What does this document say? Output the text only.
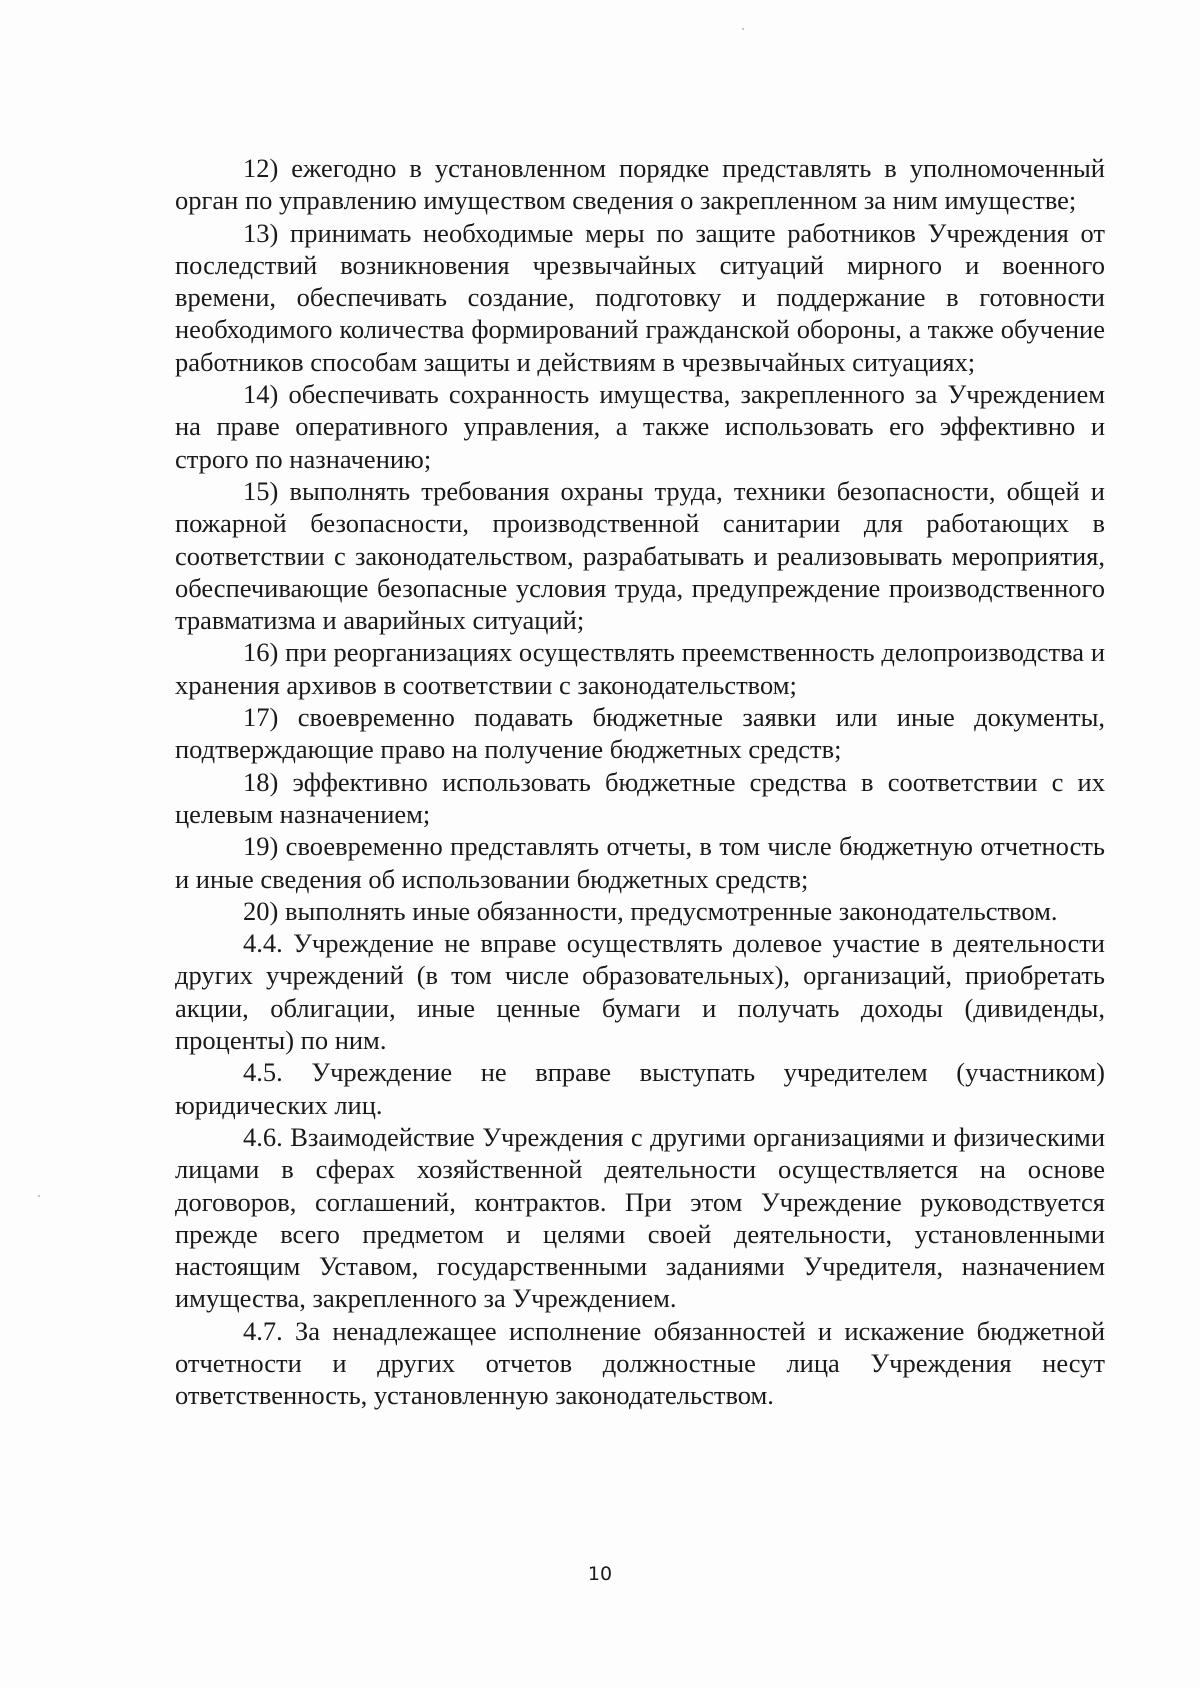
12) ежегодно в установленном порядке представлять в уполномоченный орган по управлению имуществом сведения о закрепленном за ним имуществе;

13) принимать необходимые меры по защите работников Учреждения от последствий возникновения чрезвычайных ситуаций мирного и военного времени, обеспечивать создание, подготовку и поддержание в готовности необходимого количества формирований гражданской обороны, а также обучение работников способам защиты и действиям в чрезвычайных ситуациях;

14) обеспечивать сохранность имущества, закрепленного за Учреждением на праве оперативного управления, а также использовать его эффективно и строго по назначению;

15) выполнять требования охраны труда, техники безопасности, общей и пожарной безопасности, производственной санитарии для работающих в соответствии с законодательством, разрабатывать и реализовывать мероприятия, обеспечивающие безопасные условия труда, предупреждение производственного травматизма и аварийных ситуаций;

16) при реорганизациях осуществлять преемственность делопроизводства и хранения архивов в соответствии с законодательством;

17) своевременно подавать бюджетные заявки или иные документы, подтверждающие право на получение бюджетных средств;

18) эффективно использовать бюджетные средства в соответствии с их целевым назначением;

19) своевременно представлять отчеты, в том числе бюджетную отчетность и иные сведения об использовании бюджетных средств;

20) выполнять иные обязанности, предусмотренные законодательством.

4.4. Учреждение не вправе осуществлять долевое участие в деятельности других учреждений (в том числе образовательных), организаций, приобретать акции, облигации, иные ценные бумаги и получать доходы (дивиденды, проценты) по ним.

4.5. Учреждение не вправе выступать учредителем (участником) юридических лиц.

4.6. Взаимодействие Учреждения с другими организациями и физическими лицами в сферах хозяйственной деятельности осуществляется на основе договоров, соглашений, контрактов. При этом Учреждение руководствуется прежде всего предметом и целями своей деятельности, установленными настоящим Уставом, государственными заданиями Учредителя, назначением имущества, закрепленного за Учреждением.

4.7. За ненадлежащее исполнение обязанностей и искажение бюджетной отчетности и других отчетов должностные лица Учреждения несут ответственность, установленную законодательством.

10
